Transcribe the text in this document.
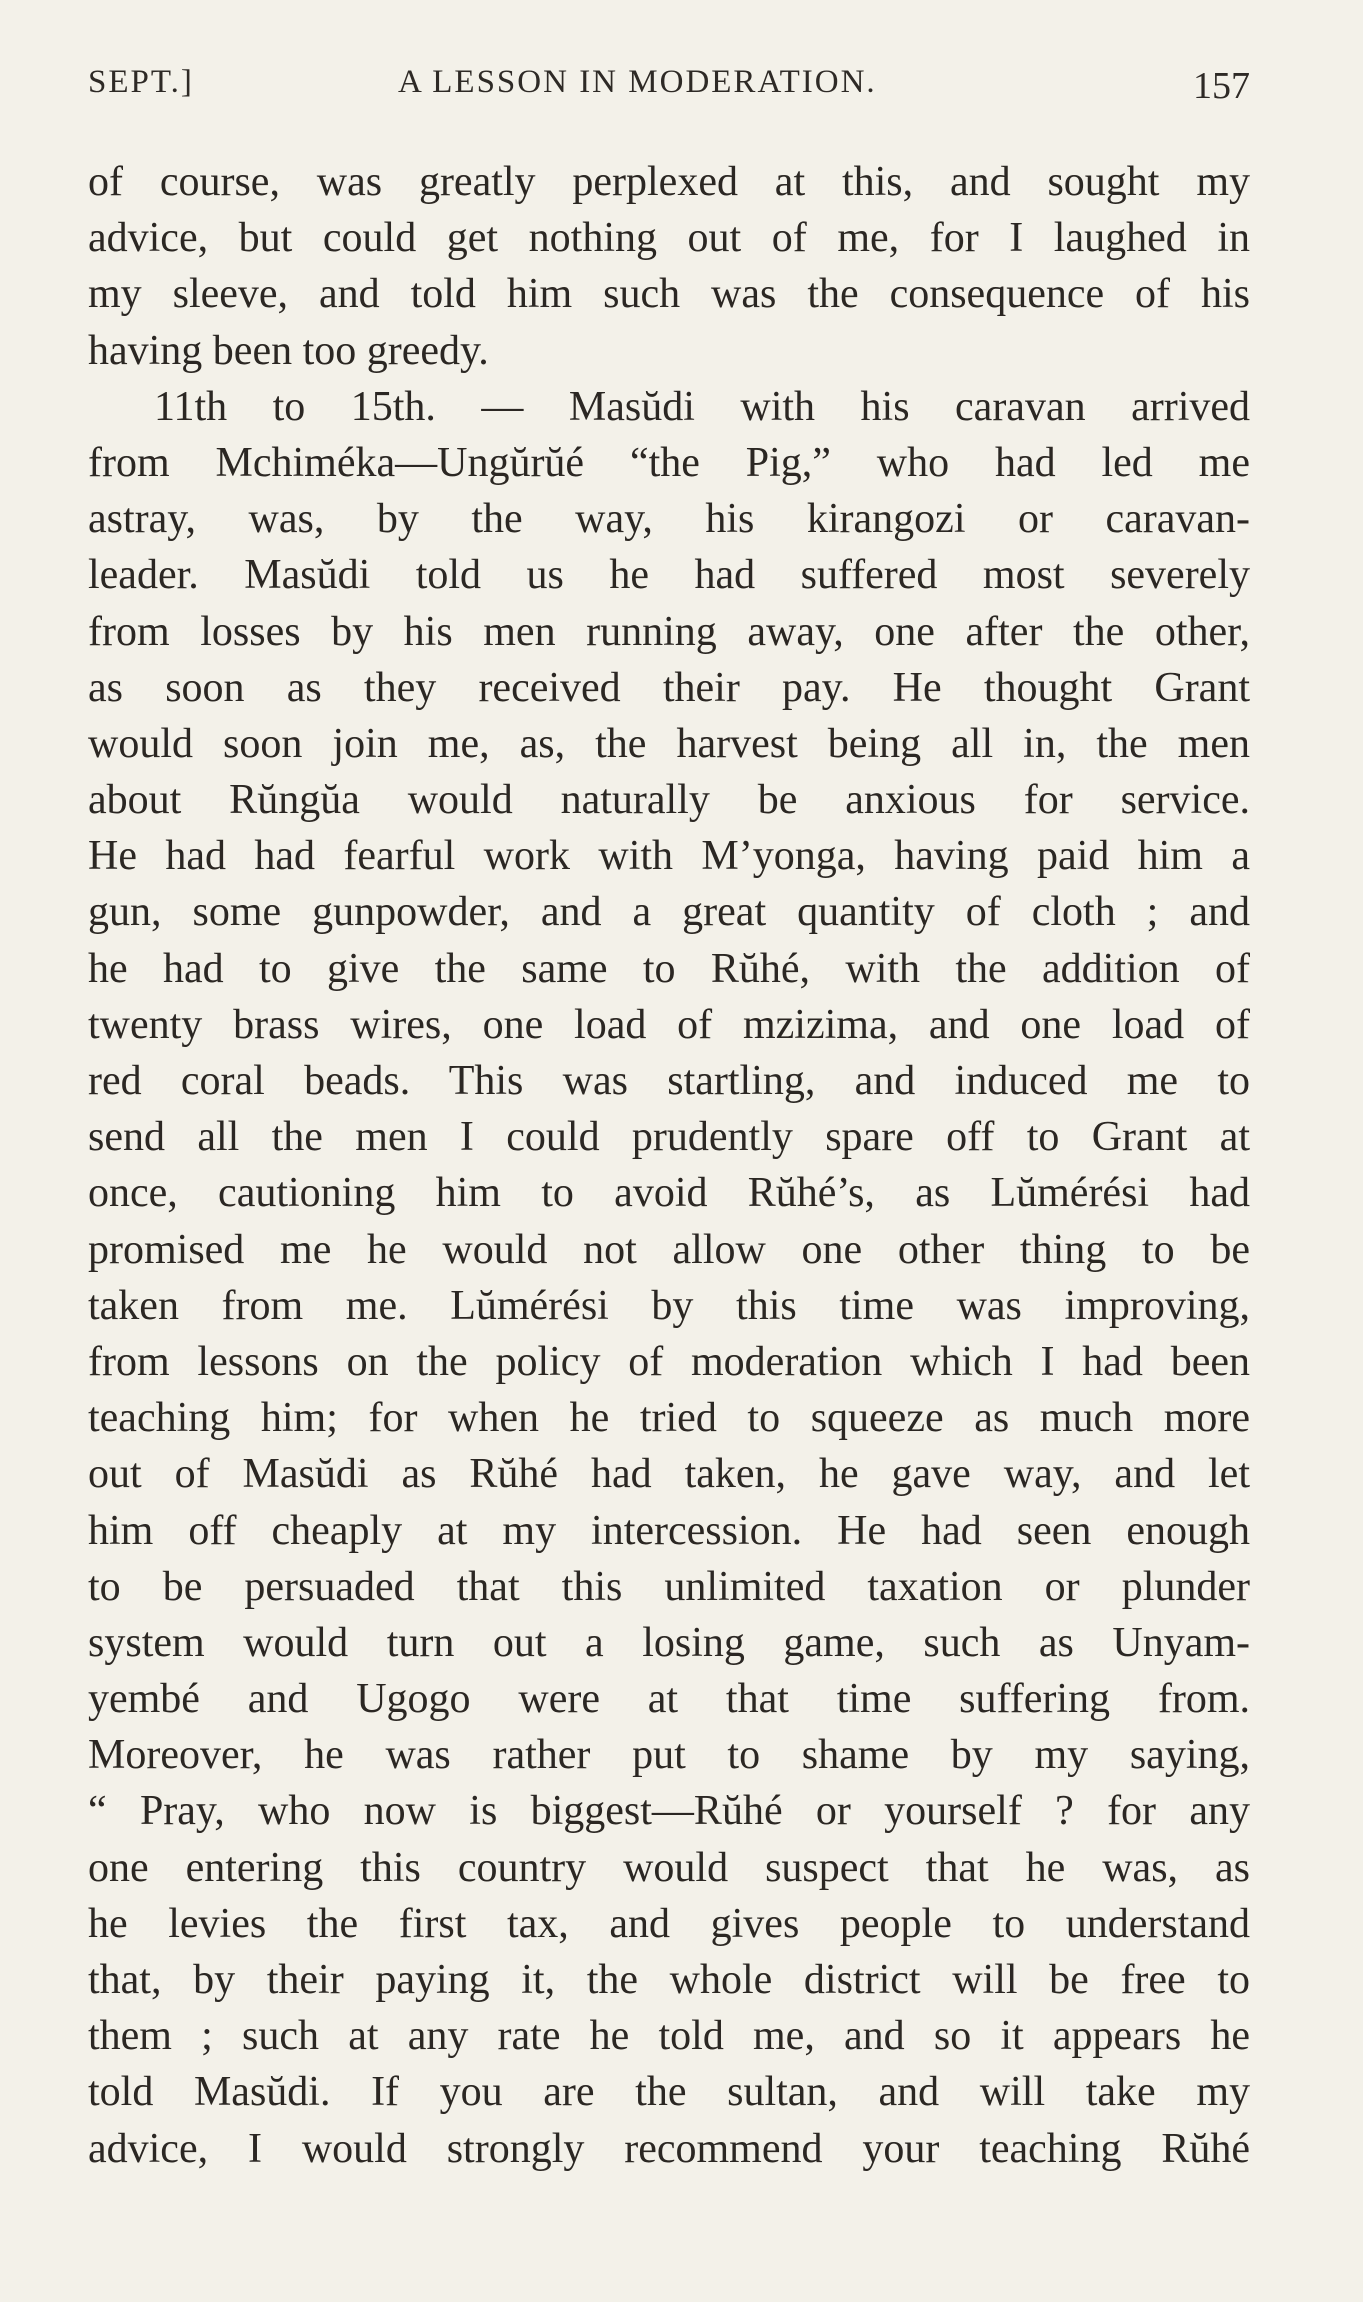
SEPT.]	A LESSON IN MODERATION.	157
of course, was greatly perplexed at this, and sought my
advice, but could get nothing out of me, for I laughed in
my sleeve, and told him such was the consequence of his
having been too greedy.
11th to 15th. — Masŭdi with his caravan arrived
from Mchiméka—Ungŭrŭé “the Pig,” who had led me
astray, was, by the way, his kirangozi or caravan-
leader. Masŭdi told us he had suffered most severely
from losses by his men running away, one after the other,
as soon as they received their pay. He thought Grant
would soon join me, as, the harvest being all in, the men
about Rŭngŭa would naturally be anxious for service.
He had had fearful work with M’yonga, having paid him a
gun, some gunpowder, and a great quantity of cloth ; and
he had to give the same to Rŭhé, with the addition of
twenty brass wires, one load of mzizima, and one load of
red coral beads. This was startling, and induced me to
send all the men I could prudently spare off to Grant at
once, cautioning him to avoid Rŭhé’s, as Lŭmérési had
promised me he would not allow one other thing to be
taken from me. Lŭmérési by this time was improving,
from lessons on the policy of moderation which I had been
teaching him; for when he tried to squeeze as much more
out of Masŭdi as Rŭhé had taken, he gave way, and let
him off cheaply at my intercession. He had seen enough
to be persuaded that this unlimited taxation or plunder
system would turn out a losing game, such as Unyam-
yembé and Ugogo were at that time suffering from.
Moreover, he was rather put to shame by my saying,
“ Pray, who now is biggest—Rŭhé or yourself ? for any
one entering this country would suspect that he was, as
he levies the first tax, and gives people to understand
that, by their paying it, the whole district will be free to
them ; such at any rate he told me, and so it appears he
told Masŭdi. If you are the sultan, and will take my
advice, I would strongly recommend your teaching Rŭhé
